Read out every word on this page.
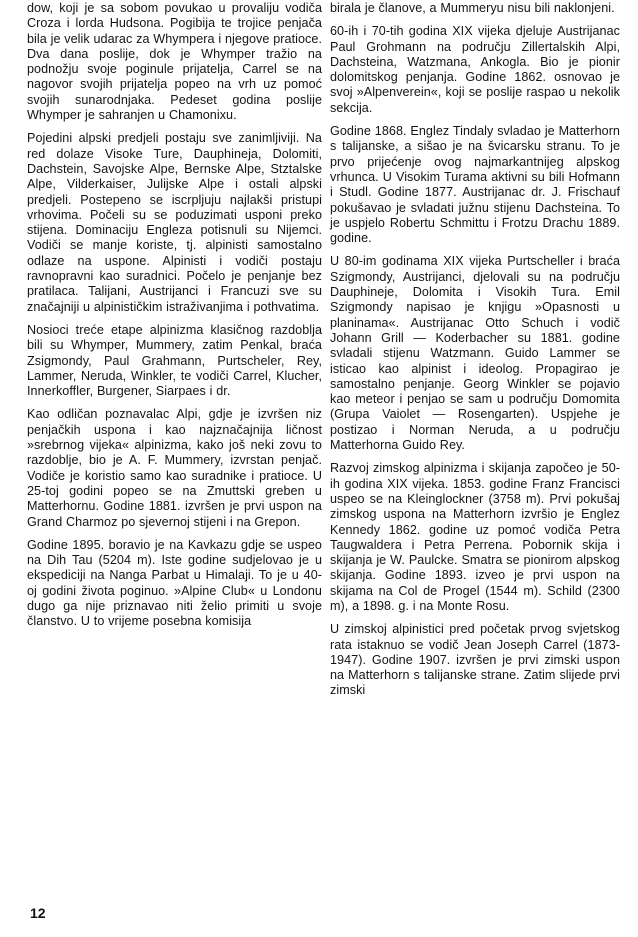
dow, koji je sa sobom povukao u provaliju vodiča Croza i lorda Hudsona. Pogibija te trojice penjača bila je velik udarac za Whympera i njegove pratioce. Dva dana poslije, dok je Whymper tražio na podnožju svoje poginule prijatelja, Carrel se na nagovor svojih prijatelja popeo na vrh uz pomoć svojih sunarodnjaka. Pedeset godina poslije Whymper je sahranjen u Chamonixu.

Pojedini alpski predjeli postaju sve zanimljiviji. Na red dolaze Visoke Ture, Dauphineja, Dolomiti, Dachstein, Savojske Alpe, Bernske Alpe, Stztalske Alpe, Vilderkaiser, Julijske Alpe i ostali alpski predjeli. Postepeno se iscrpljuju najlakši pristupi vrhovima. Počeli su se poduzimati usponi preko stijena. Dominaciju Engleza potisnuli su Nijemci. Vodiči se manje koriste, tj. alpinisti samostalno odlaze na uspone. Alpinisti i vodiči postaju ravnopravni kao suradnici. Počelo je penjanje bez pratilaca. Talijani, Austrijanci i Francuzi sve su značajniji u alpinističkim istraživanjima i pothvatima.

Nosioci treće etape alpinizma klasičnog razdoblja bili su Whymper, Mummery, zatim Penkal, braća Zsigmondy, Paul Grahmann, Purtscheler, Rey, Lammer, Neruda, Winkler, te vodiči Carrel, Klucher, Innerkoffler, Burgener, Siarpaes i dr.

Kao odličan poznavalac Alpi, gdje je izvršen niz penjačkih uspona i kao najznačajnija ličnost »srebrnog vijeka« alpinizma, kako još neki zovu to razdoblje, bio je A. F. Mummery, izvrstan penjač. Vodiče je koristio samo kao suradnike i pratioce. U 25-toj godini popeo se na Zmuttski greben u Matterhornu. Godine 1881. izvršen je prvi uspon na Grand Charmoz po sjevernoj stijeni i na Grepon.

Godine 1895. boravio je na Kavkazu gdje se uspeo na Dih Tau (5204 m). Iste godine sudjelovao je u ekspediciji na Nanga Parbat u Himalaji. To je u 40-oj godini života poginuo. »Alpine Club« u Londonu dugo ga nije priznavao niti želio primiti u svoje članstvo. U to vrijeme posebna komisija

birala je članove, a Mummeryu nisu bili naklonjeni.

60-ih i 70-tih godina XIX vijeka djeluje Austrijanac Paul Grohmann na području Zillertalskih Alpi, Dachsteina, Watzmana, Ankogla. Bio je pionir dolomitskog penjanja. Godine 1862. osnovao je svoj »Alpenverein«, koji se poslije raspao u nekolik sekcija.

Godine 1868. Englez Tindaly svladao je Matterhorn s talijanske, a sišao je na švicarsku stranu. To je prvo prijećenje ovog najmarkantnijeg alpskog vrhunca. U Visokim Turama aktivni su bili Hofmann i Studl. Godine 1877. Austrijanac dr. J. Frischauf pokušavao je svladati južnu stijenu Dachsteina. To je uspjelo Robertu Schmittu i Frotzu Drachu 1889. godine.

U 80-im godinama XIX vijeka Purtscheller i braća Szigmondy, Austrijanci, djelovali su na području Dauphineje, Dolomita i Visokih Tura. Emil Szigmondy napisao je knjigu »Opasnosti u planinama«. Austrijanac Otto Schuch i vodič Johann Grill — Koderbacher su 1881. godine svladali stijenu Watzmann. Guido Lammer se isticao kao alpinist i ideolog. Propagirao je samostalno penjanje. Georg Winkler se pojavio kao meteor i penjao se sam u području Domomita (Grupa Vaiolet — Rosengarten). Uspjehe je postizao i Norman Neruda, a u području Matterhorna Guido Rey.

Razvoj zimskog alpinizma i skijanja započeo je 50-ih godina XIX vijeka. 1853. godine Franz Francisci uspeo se na Kleinglockner (3758 m). Prvi pokušaj zimskog uspona na Matterhorn izvršio je Englez Kennedy 1862. godine uz pomoć vodiča Petra Taugwaldera i Petra Perrena. Pobornik skija i skijanja je W. Paulcke. Smatra se pionirom alpskog skijanja. Godine 1893. izveo je prvi uspon na skijama na Col de Progel (1544 m). Schild (2300 m), a 1898. g. i na Monte Rosu.

U zimskoj alpinistici pred početak prvog svjetskog rata istaknuo se vodič Jean Joseph Carrel (1873-1947). Godine 1907. izvršen je prvi zimski uspon na Matterhorn s talijanske strane. Zatim slijede prvi zimski

12
